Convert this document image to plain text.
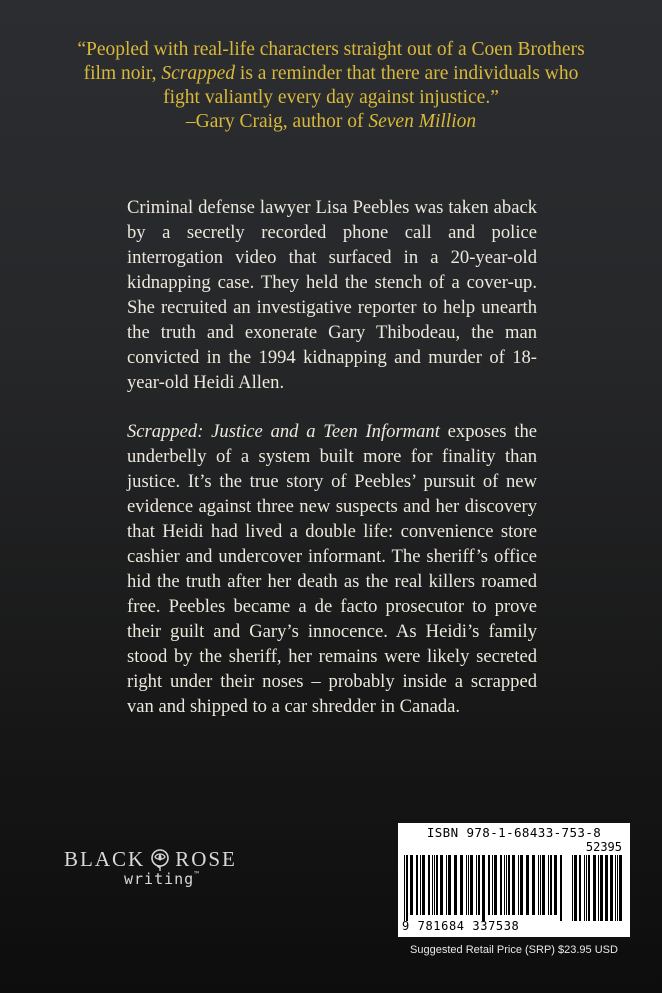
“Peopled with real-life characters straight out of a Coen Brothers
film noir, Scrapped is a reminder that there are individuals who
fight valiantly every day against injustice.”
–Gary Craig, author of Seven Million

Criminal defense lawyer Lisa Peebles was taken aback by a secretly recorded phone call and police interrogation video that surfaced in a 20-year-old kidnapping case. They held the stench of a cover-up. She recruited an investigative reporter to help unearth the truth and exonerate Gary Thibodeau, the man convicted in the 1994 kidnapping and murder of 18-year-old Heidi Allen.

Scrapped: Justice and a Teen Informant exposes the underbelly of a system built more for finality than justice. It’s the true story of Peebles’ pursuit of new evidence against three new suspects and her discovery that Heidi had lived a double life: convenience store cashier and undercover informant. The sheriff’s office hid the truth after her death as the real killers roamed free. Peebles became a de facto prosecutor to prove their guilt and Gary’s innocence. As Heidi’s family stood by the sheriff, her remains were likely secreted right under their noses – probably inside a scrapped van and shipped to a car shredder in Canada.

BLACK ROSE
writing™
ISBN 978-1-68433-753-8
52395
9 781684 337538
Suggested Retail Price (SRP) $23.95 USD
